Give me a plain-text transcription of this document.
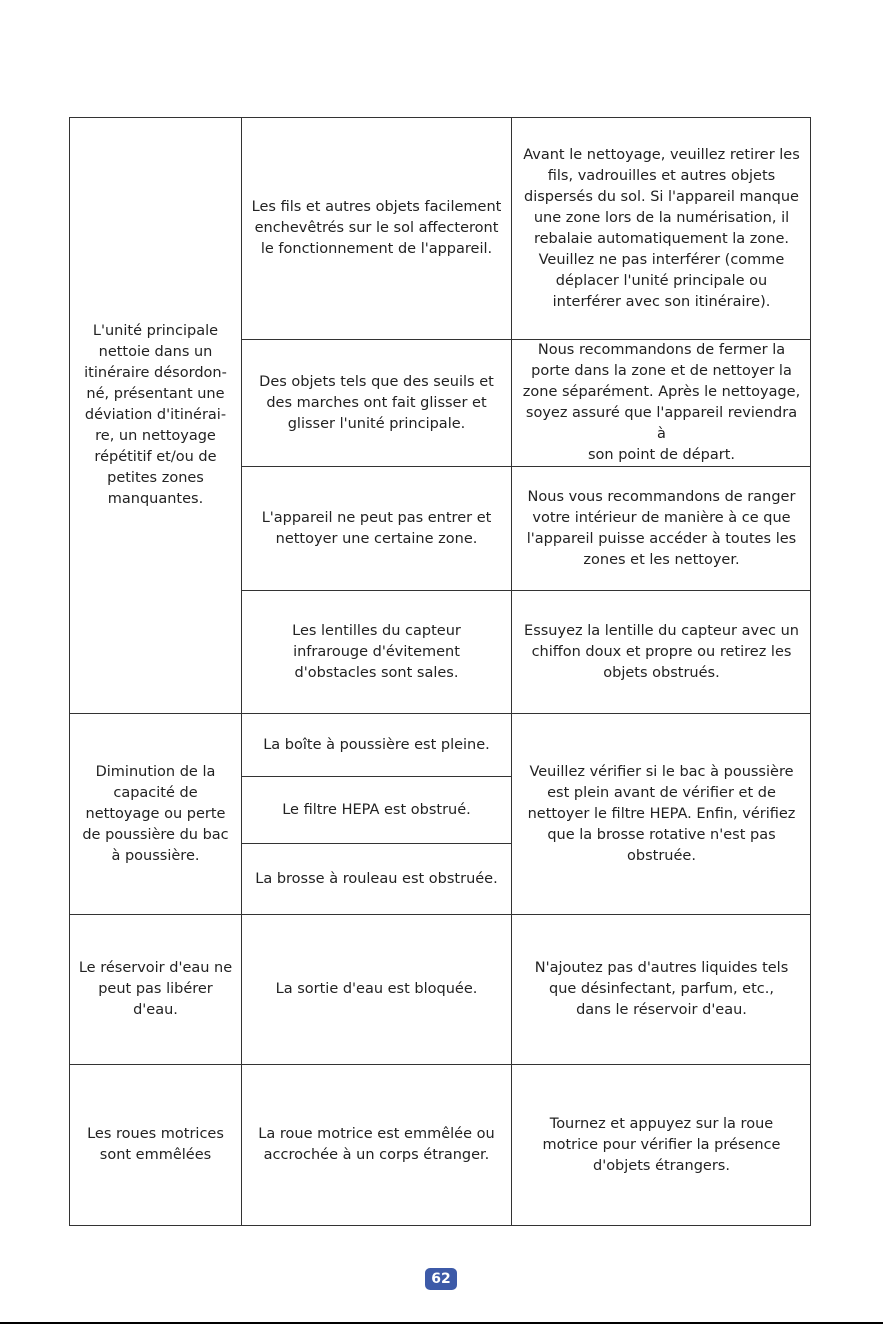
L'unité principale
nettoie dans un
itinéraire désordon-
né, présentant une
déviation d'itinérai-
re, un nettoyage
répétitif et/ou de
petites zones
manquantes.
Les fils et autres objets facilement
enchevêtrés sur le sol affecteront
le fonctionnement de l'appareil.
Avant le nettoyage, veuillez retirer les
fils, vadrouilles et autres objets
dispersés du sol. Si l'appareil manque
une zone lors de la numérisation, il
rebalaie automatiquement la zone.
Veuillez ne pas interférer (comme
déplacer l'unité principale ou
interférer avec son itinéraire).
Des objets tels que des seuils et
des marches ont fait glisser et
glisser l'unité principale.
Nous recommandons de fermer la
porte dans la zone et de nettoyer la
zone séparément. Après le nettoyage,
soyez assuré que l'appareil reviendra à
son point de départ.
L'appareil ne peut pas entrer et
nettoyer une certaine zone.
Nous vous recommandons de ranger
votre intérieur de manière à ce que
l'appareil puisse accéder à toutes les
zones et les nettoyer.
Les lentilles du capteur
infrarouge d'évitement
d'obstacles sont sales.
Essuyez la lentille du capteur avec un
chiffon doux et propre ou retirez les
objets obstrués.
Diminution de la
capacité de
nettoyage ou perte
de poussière du bac
à poussière.
La boîte à poussière est pleine.
Le filtre HEPA est obstrué.
La brosse à rouleau est obstruée.
Veuillez vérifier si le bac à poussière
est plein avant de vérifier et de
nettoyer le filtre HEPA. Enfin, vérifiez
que la brosse rotative n'est pas
obstruée.
Le réservoir d'eau ne
peut pas libérer
d'eau.
La sortie d'eau est bloquée.
N'ajoutez pas d'autres liquides tels
que désinfectant, parfum, etc.,
dans le réservoir d'eau.
Les roues motrices
sont emmêlées
La roue motrice est emmêlée ou
accrochée à un corps étranger.
Tournez et appuyez sur la roue
motrice pour vérifier la présence
d'objets étrangers.
62
